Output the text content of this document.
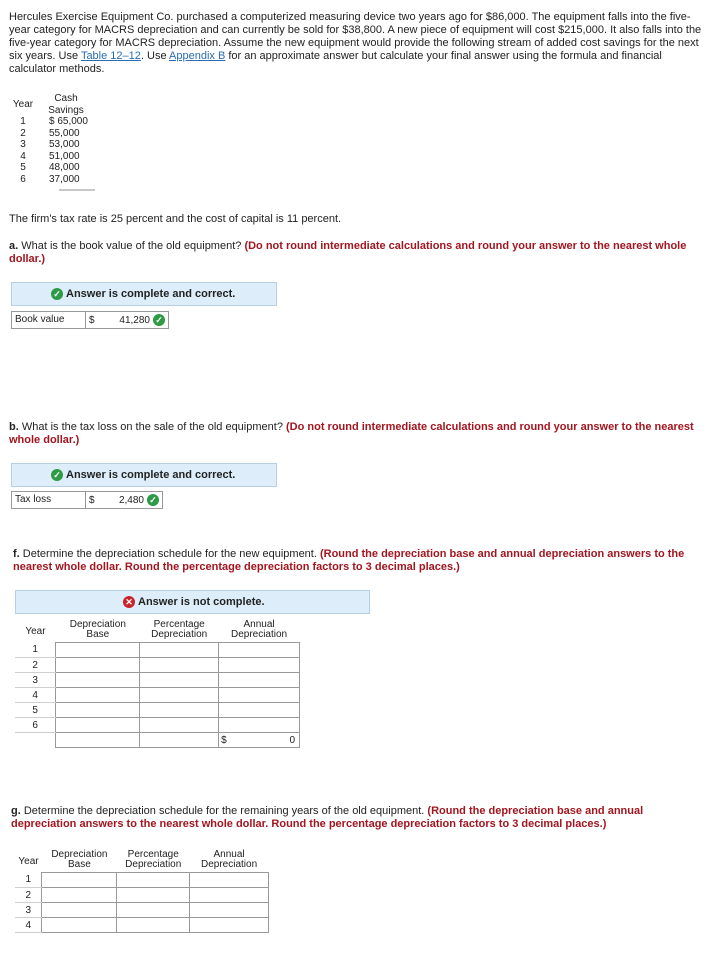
Hercules Exercise Equipment Co. purchased a computerized measuring device two years ago for $86,000. The equipment falls into the five-year category for MACRS depreciation and can currently be sold for $38,800. A new piece of equipment will cost $215,000. It also falls into the five-year category for MACRS depreciation. Assume the new equipment would provide the following stream of added cost savings for the next six years. Use Table 12–12. Use Appendix B for an approximate answer but calculate your final answer using the formula and financial calculator methods.

Year
Cash
Savings
1	$ 65,000
2	55,000
3	53,000
4	51,000
5	48,000
6	37,000

The firm's tax rate is 25 percent and the cost of capital is 11 percent.

a. What is the book value of the old equipment? (Do not round intermediate calculations and round your answer to the nearest whole dollar.)

✓ Answer is complete and correct.
Book value	$	41,280 ✓

b. What is the tax loss on the sale of the old equipment? (Do not round intermediate calculations and round your answer to the nearest whole dollar.)

✓ Answer is complete and correct.
Tax loss	$	2,480 ✓

f. Determine the depreciation schedule for the new equipment. (Round the depreciation base and annual depreciation answers to the nearest whole dollar. Round the percentage depreciation factors to 3 decimal places.)

✕ Answer is not complete.
Year	Depreciation Base	Percentage Depreciation	Annual Depreciation
1			
2			
3			
4			
5			
6			

			$ 0

g. Determine the depreciation schedule for the remaining years of the old equipment. (Round the depreciation base and annual depreciation answers to the nearest whole dollar. Round the percentage depreciation factors to 3 decimal places.)

Year	Depreciation Base	Percentage Depreciation	Annual Depreciation
1			
2			
3			
4			
